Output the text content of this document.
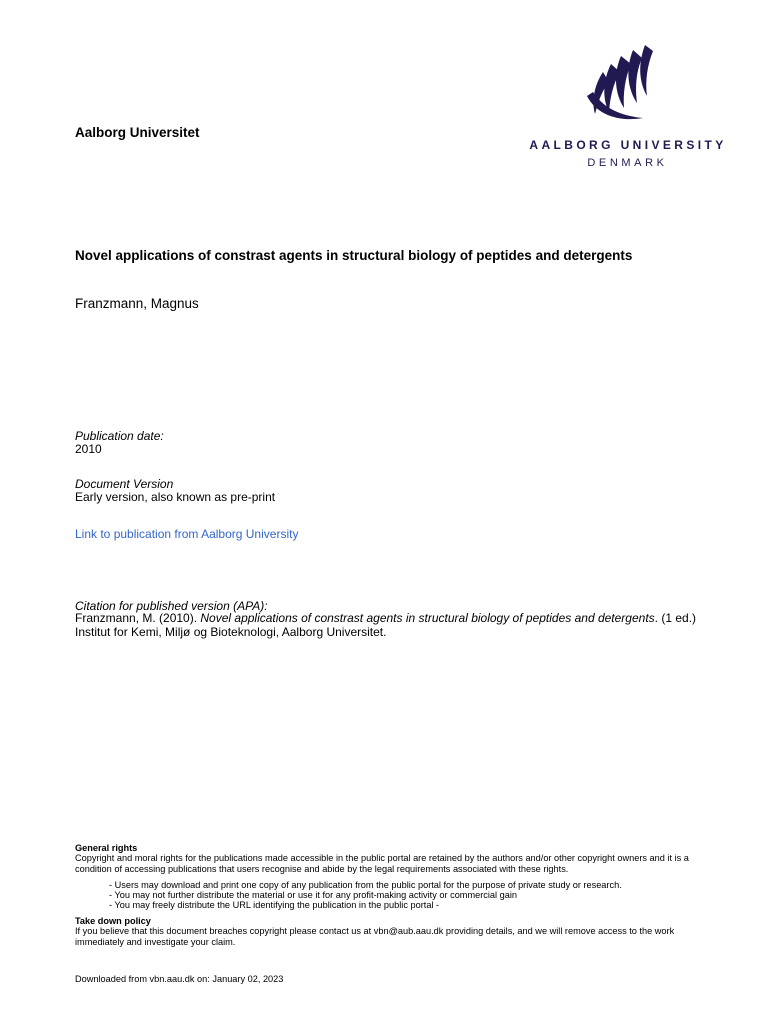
Aalborg Universitet
AALBORG UNIVERSITY
DENMARK
Novel applications of constrast agents in structural biology of peptides and detergents
Franzmann, Magnus
Publication date:
2010
Document Version
Early version, also known as pre-print
Link to publication from Aalborg University
Citation for published version (APA):
Franzmann, M. (2010). Novel applications of constrast agents in structural biology of peptides and detergents. (1 ed.) Institut for Kemi, Miljø og Bioteknologi, Aalborg Universitet.
General rights
Copyright and moral rights for the publications made accessible in the public portal are retained by the authors and/or other copyright owners and it is a condition of accessing publications that users recognise and abide by the legal requirements associated with these rights.
- Users may download and print one copy of any publication from the public portal for the purpose of private study or research.
- You may not further distribute the material or use it for any profit-making activity or commercial gain
- You may freely distribute the URL identifying the publication in the public portal -
Take down policy
If you believe that this document breaches copyright please contact us at vbn@aub.aau.dk providing details, and we will remove access to the work immediately and investigate your claim.
Downloaded from vbn.aau.dk on: January 02, 2023
